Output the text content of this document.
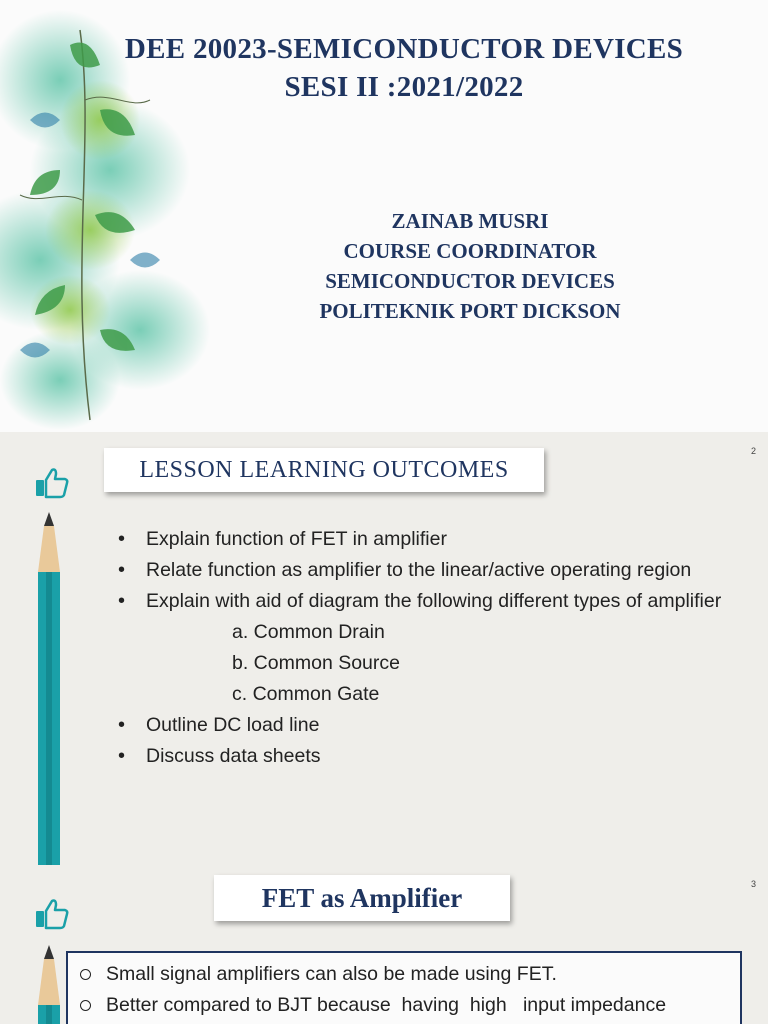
DEE 20023-SEMICONDUCTOR DEVICES
SESI II :2021/2022
ZAINAB MUSRI
COURSE COORDINATOR
SEMICONDUCTOR DEVICES
POLITEKNIK PORT DICKSON
2
LESSON LEARNING OUTCOMES
• Explain function of FET in amplifier
• Relate function as amplifier to the linear/active operating region
• Explain with aid of diagram the following different types of amplifier
a. Common Drain
b. Common Source
c. Common Gate
• Outline DC load line
• Discuss data sheets
3
FET as Amplifier
Small signal amplifiers can also be made using FET.
Better compared to BJT because  having  high   input impedance
